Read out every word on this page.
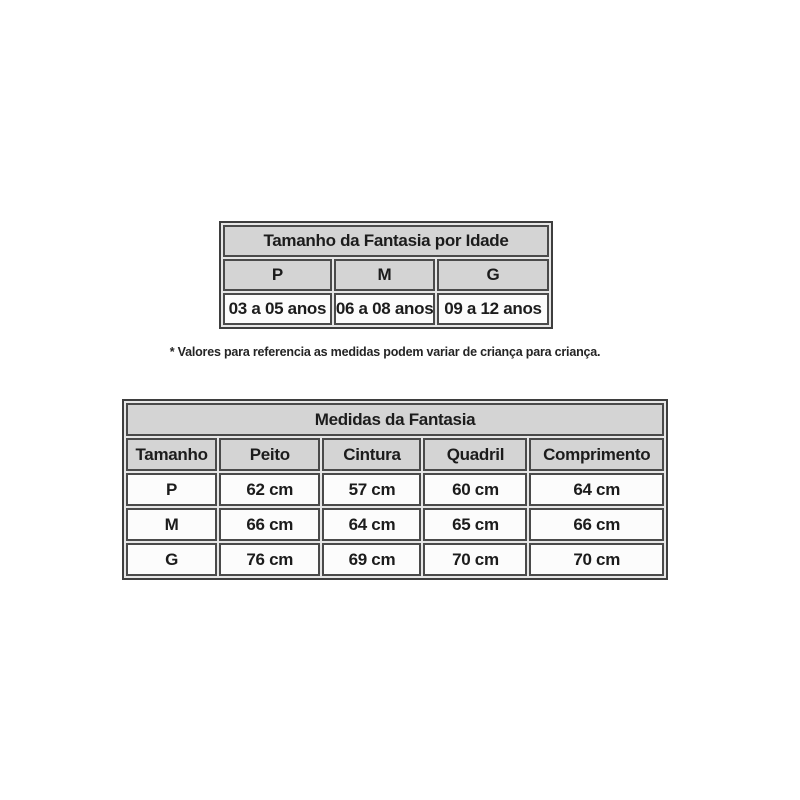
Tamanho da Fantasia por Idade		
P	M	G
03 a 05 anos	06 a 08 anos	09 a 12 anos
* Valores para referencia as medidas podem variar de criança para criança.
Medidas da Fantasia				
Tamanho	Peito	Cintura	Quadril	Comprimento
P	62 cm	57 cm	60 cm	64 cm
M	66 cm	64 cm	65 cm	66 cm
G	76 cm	69 cm	70 cm	70 cm
